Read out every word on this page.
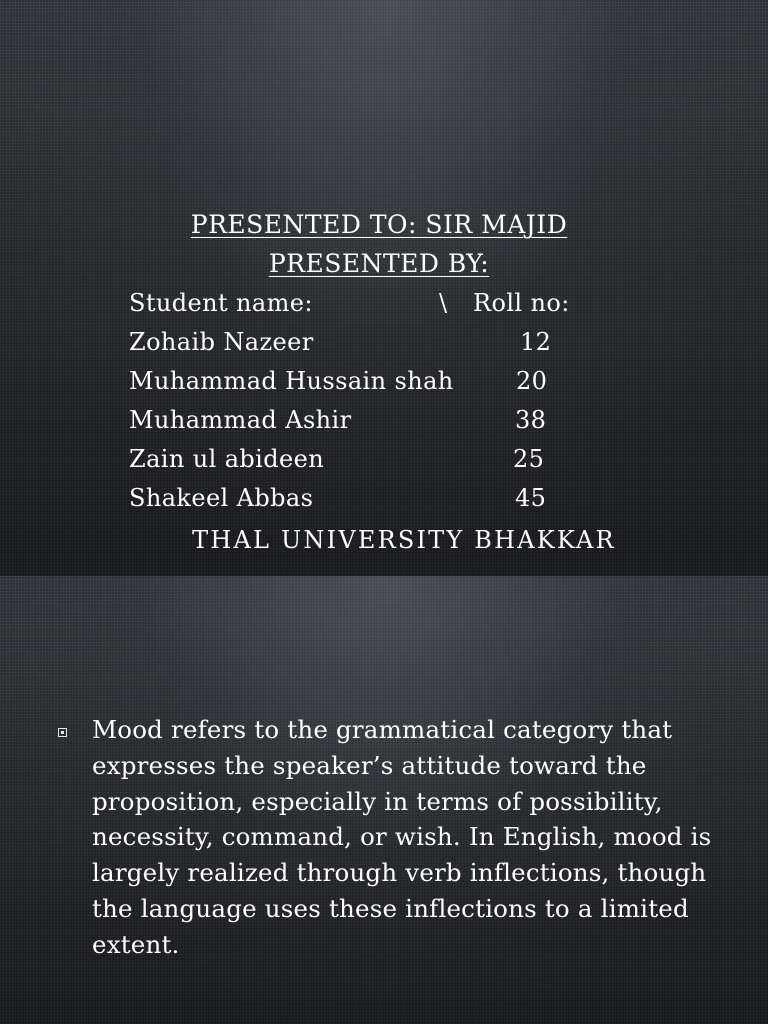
PRESENTED TO: SIR MAJID
PRESENTED BY:
Student name:	\ Roll no:
Zohaib Nazeer	12
Muhammad Hussain shah	20
Muhammad Ashir	38
Zain ul abideen	25
Shakeel Abbas	45
THAL UNIVERSITY BHAKKAR

Mood refers to the grammatical category that expresses the speaker’s attitude toward the proposition, especially in terms of possibility, necessity, command, or wish. In English, mood is largely realized through verb inflections, though the language uses these inflections to a limited extent.
